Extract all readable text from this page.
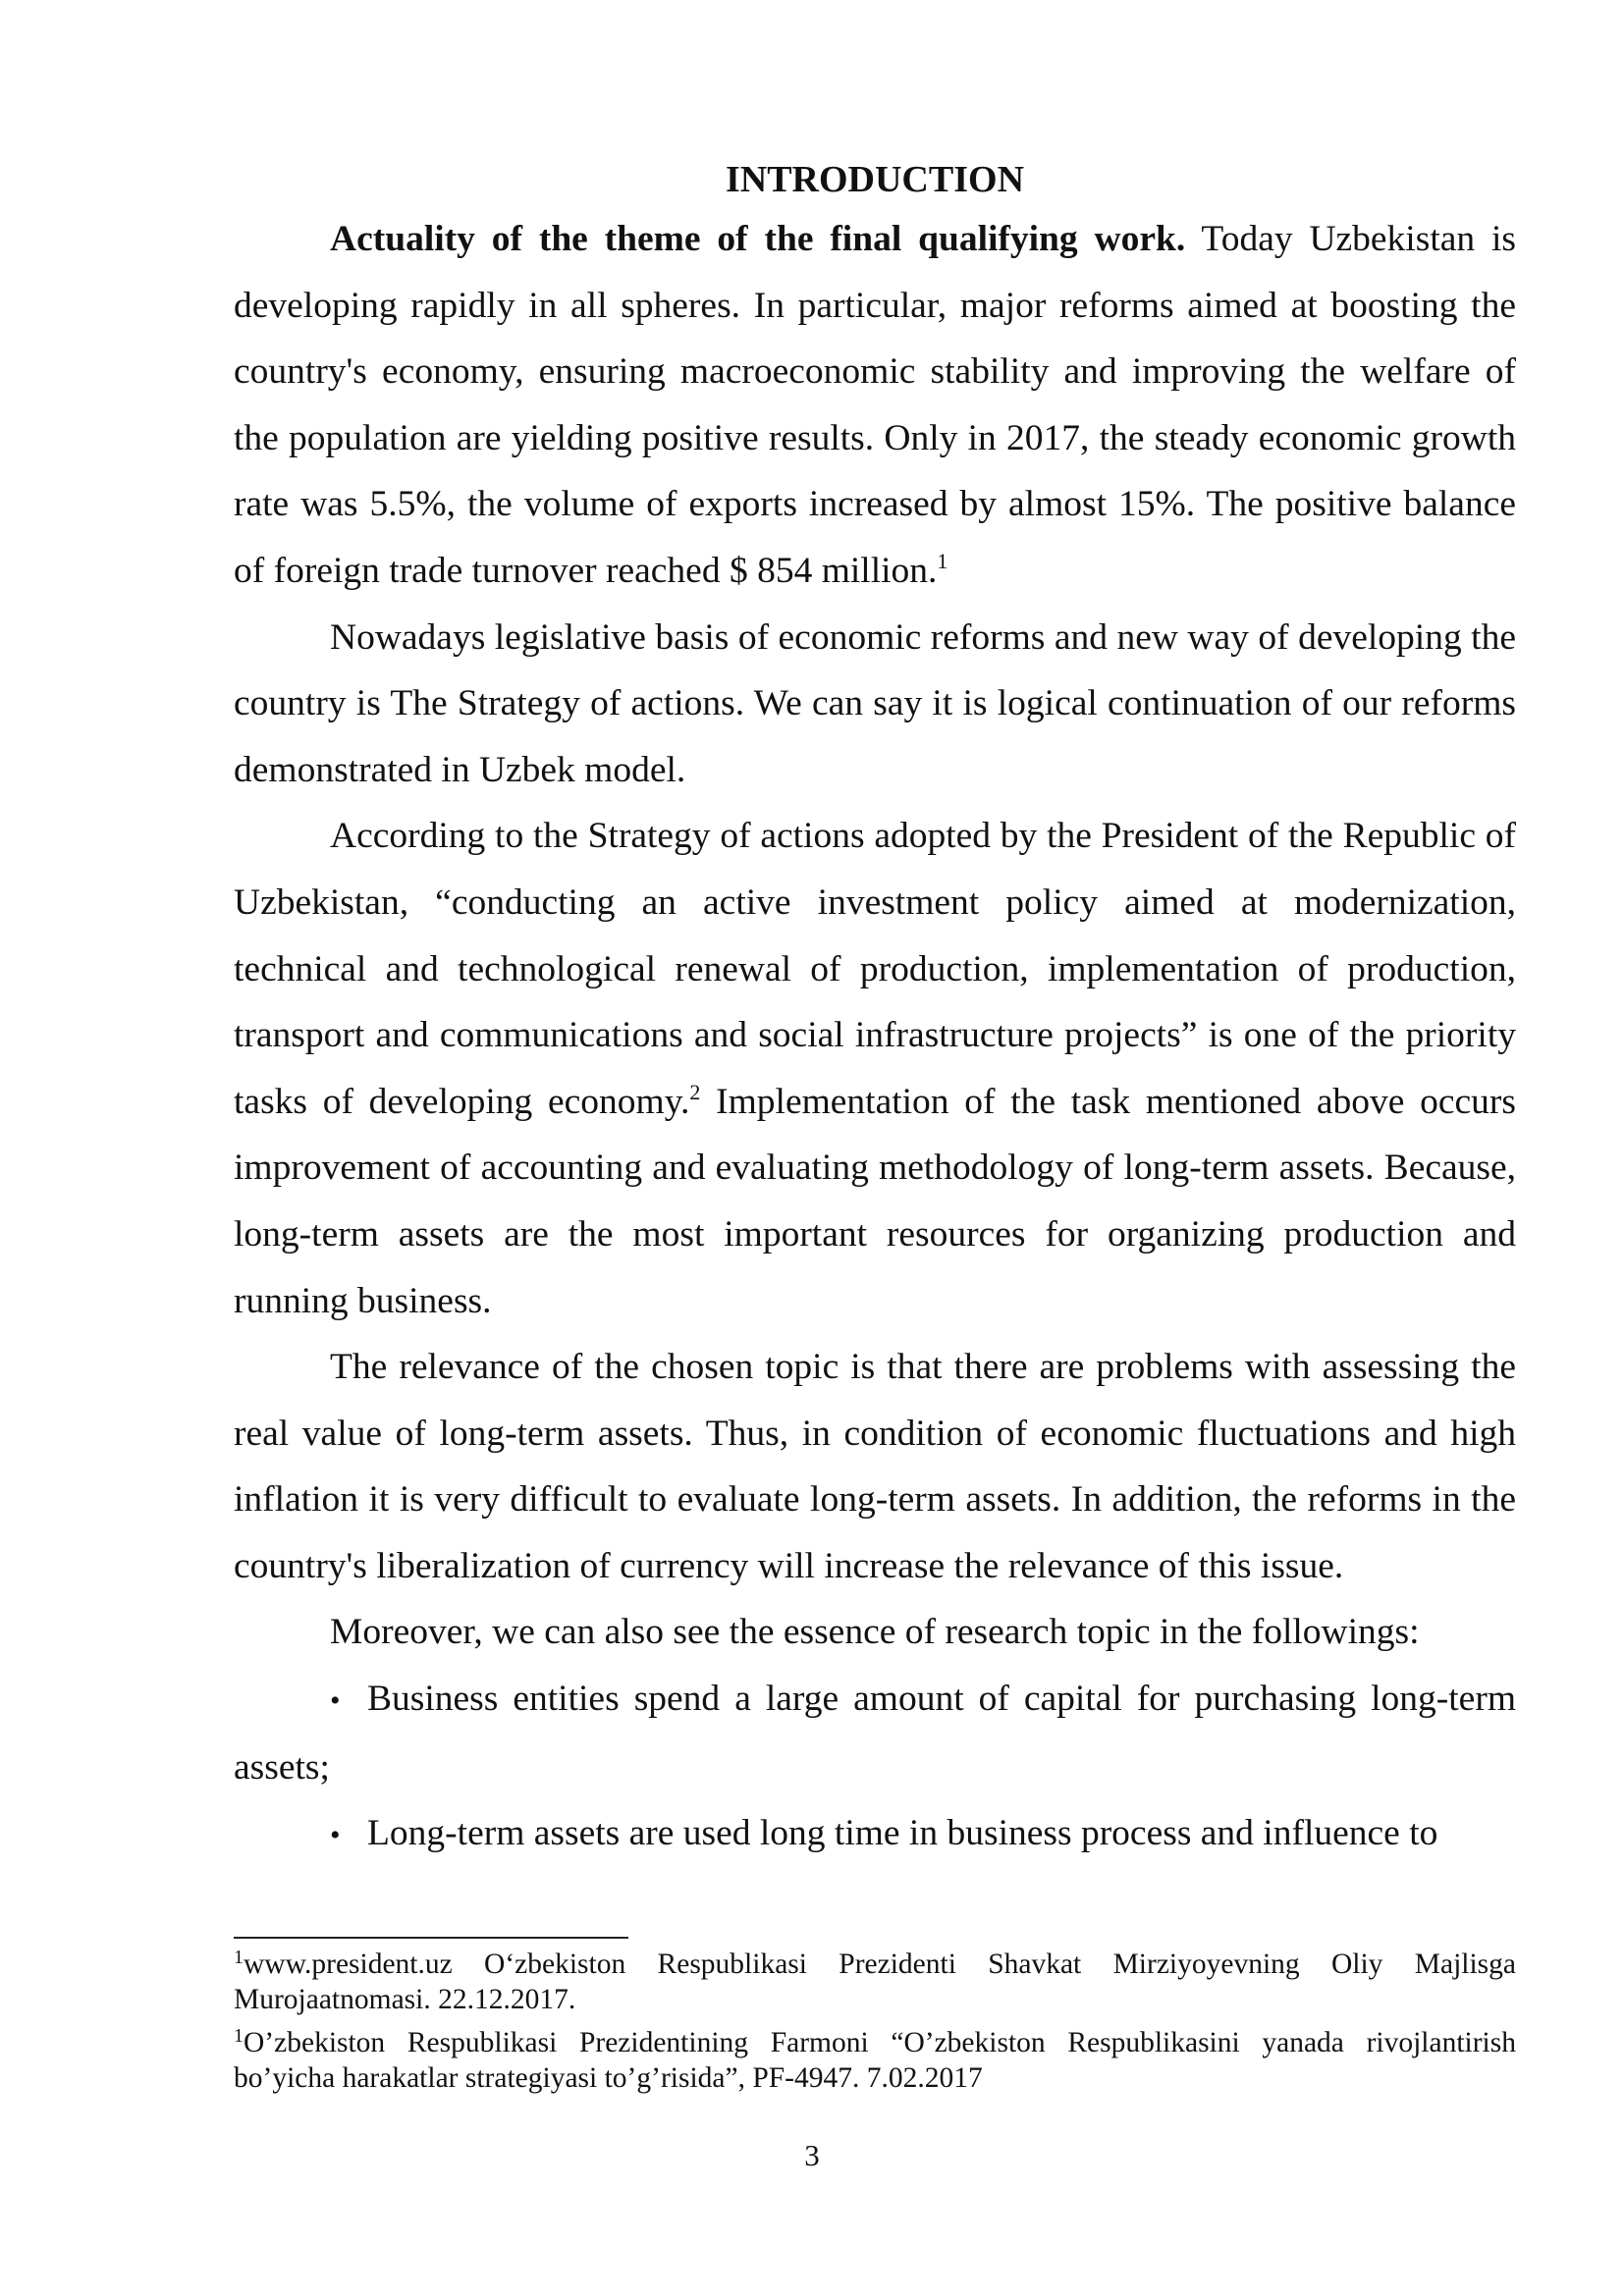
INTRODUCTION

Actuality of the theme of the final qualifying work. Today Uzbekistan is developing rapidly in all spheres. In particular, major reforms aimed at boosting the country's economy, ensuring macroeconomic stability and improving the welfare of the population are yielding positive results. Only in 2017, the steady economic growth rate was 5.5%, the volume of exports increased by almost 15%. The positive balance of foreign trade turnover reached $ 854 million.$^1$

Nowadays legislative basis of economic reforms and new way of developing the country is The Strategy of actions. We can say it is logical continuation of our reforms demonstrated in Uzbek model.

According to the Strategy of actions adopted by the President of the Republic of Uzbekistan, “conducting an active investment policy aimed at modernization, technical and technological renewal of production, implementation of production, transport and communications and social infrastructure projects” is one of the priority tasks of developing economy.$^2$ Implementation of the task mentioned above occurs improvement of accounting and evaluating methodology of long-term assets. Because, long-term assets are the most important resources for organizing production and running business.

The relevance of the chosen topic is that there are problems with assessing the real value of long-term assets. Thus, in condition of economic fluctuations and high inflation it is very difficult to evaluate long-term assets. In addition, the reforms in the country's liberalization of currency will increase the relevance of this issue.

Moreover, we can also see the essence of research topic in the followings:

• Business entities spend a large amount of capital for purchasing long-term assets;

• Long-term assets are used long time in business process and influence to

$^1$www.president.uz O‘zbekiston Respublikasi Prezidenti Shavkat Mirziyoyevning Oliy Majlisga Murojaatnomasi. 22.12.2017.

$^1$O’zbekiston Respublikasi Prezidentining Farmoni “O’zbekiston Respublikasini yanada rivojlantirish bo’yicha harakatlar strategiyasi to’g’risida”, PF-4947. 7.02.2017

3
